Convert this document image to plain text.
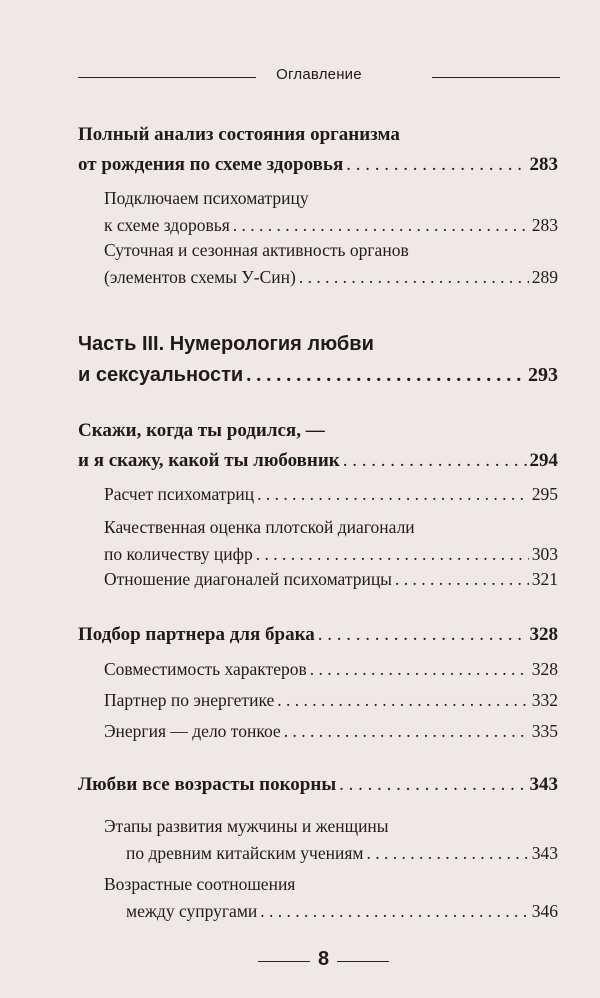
Оглавление
Полный анализ состояния организма
от рождения по схеме здоровья . . .	283
Подключаем психоматрицу
к схеме здоровья . . .	283
Суточная и сезонная активность органов
(элементов схемы У-Син) . . .	289
Часть III. Нумерология любви
и сексуальности . . .	293
Скажи, когда ты родился, —
и я скажу, какой ты любовник . . .	294
Расчет психоматриц . . .	295
Качественная оценка плотской диагонали
по количеству цифр . . .	303
Отношение диагоналей психоматрицы . . .	321
Подбор партнера для брака . . .	328
Совместимость характеров . . .	328
Партнер по энергетике . . .	332
Энергия — дело тонкое . . .	335
Любви все возрасты покорны . . .	343
Этапы развития мужчины и женщины
по древним китайским учениям . . .	343
Возрастные соотношения
между супругами . . .	346
8
